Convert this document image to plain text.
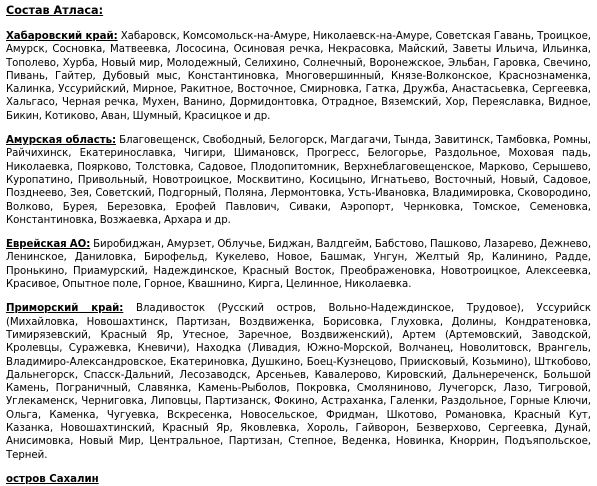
Состав Атласа:

Хабаровский край: Хабаровск, Комсомольск-на-Амуре, Николаевск-на-Амуре, Советская Гавань, Троицкое, Амурск, Сосновка, Матвеевка, Лососина, Осиновая речка, Некрасовка, Майский, Заветы Ильича, Ильинка, Тополево, Хурба, Новый мир, Молодежный, Селихино, Солнечный, Воронежское, Эльбан, Гаровка, Свечино, Пивань, Гайтер, Дубовый мыс, Константиновка, Многовершинный, Князе-Волконское, Краснознаменка, Калинка, Уссурийский, Мирное, Ракитное, Восточное, Смирновка, Гатка, Дружба, Анастасьевка, Сергеевка, Хальгасо, Черная речка, Мухен, Ванино, Дормидонтовка, Отрадное, Вяземский, Хор, Переяславка, Видное, Бикин, Котиково, Аван, Шумный, Красицкое и др.

Амурская область: Благовещенск, Свободный, Белогорск, Магдагачи, Тында, Завитинск, Тамбовка, Ромны, Райчихинск, Екатеринославка, Чигири, Шимановск, Прогресс, Белогорье, Раздольное, Моховая падь, Николаевка, Поярково, Толстовка, Садовое, Плодопитомник, Верхнеблаговещенское, Марково, Серышево, Куропатино, Привольный, Новотроицкое, Москвитино, Косицыно, Игнатьево, Восточный, Новый, Садовое, Позднеево, Зея, Советский, Подгорный, Поляна, Лермонтовка, Усть-Ивановка, Владимировка, Сковородино, Волково, Бурея, Березовка, Ерофей Павлович, Сиваки, Аэропорт, Чернковка, Томское, Семеновка, Константиновка, Возжаевка, Архара и др.

Еврейская АО: Биробиджан, Амурзет, Облучье, Биджан, Валдгейм, Бабстово, Пашково, Лазарево, Дежнево, Ленинское, Даниловка, Бирофельд, Кукелево, Новое, Башмак, Унгун, Желтый Яр, Калинино, Радде, Пронькино, Приамурский, Надеждинское, Красный Восток, Преображеновка, Новотроицкое, Алексеевка, Красивое, Опытное поле, Горное, Квашнино, Кирга, Целинное, Николаевка.

Приморский край: Владивосток (Русский остров, Вольно-Надеждинское, Трудовое), Уссурийск (Михайловка, Новошахтинск, Партизан, Воздвиженка, Борисовка, Глуховка, Долины, Кондратеновка, Тимирязевский, Красный Яр, Утесное, Заречное, Воздвиженский), Артем (Артемовский, Заводской, Кролевцы, Суражевка, Кневичи), Находка (Ливадия, Южно-Морской, Волчанец, Новолитовск, Врангель, Владимиро-Александровское, Екатериновка, Душкино, Боец-Кузнецово, Приисковый, Козьмино), Шткобово, Дальнегорск, Спасск-Дальний, Лесозаводск, Арсеньев, Кавалерово, Кировский, Дальнереченск, Большой Камень, Пограничный, Славянка, Камень-Рыболов, Покровка, Смоляниново, Лучегорск, Лазо, Тигровой, Углекаменск, Черниговка, Липовцы, Партизанск, Фокино, Астраханка, Галенки, Раздольное, Горные Ключи, Ольга, Каменка, Чугуевка, Вскресенка, Новосельское, Фридман, Шкотово, Романовка, Красный Кут, Казанка, Новошахтинский, Красный Яр, Яковлевка, Хороль, Гайворон, Безверхово, Сергеевка, Дунай, Анисимовка, Новый Мир, Центральное, Партизан, Степное, Веденка, Новинка, Кноррин, Подъяпольское, Терней.

остров Сахалин
